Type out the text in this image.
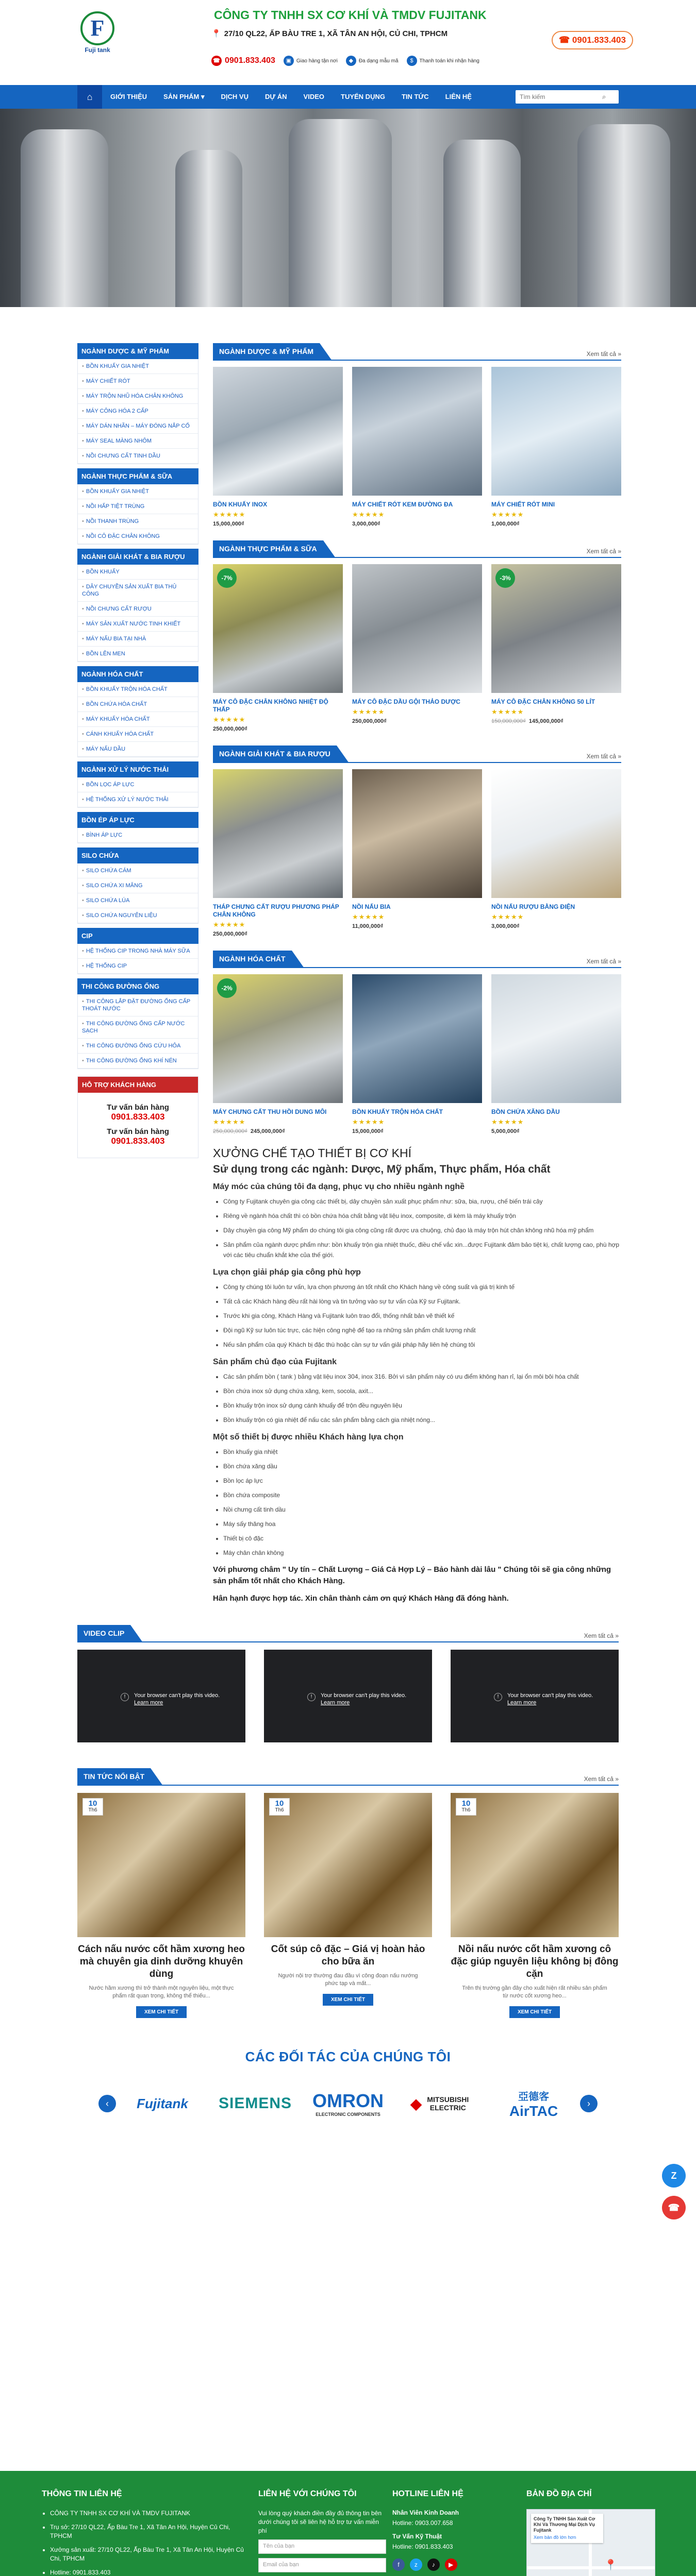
F
Fuji tank
CÔNG TY TNHH SX CƠ KHÍ VÀ TMDV FUJITANK
📍 27/10 QL22, ẤP BÀU TRE 1, XÃ TÂN AN HỘI, CỦ CHI, TPHCM
☎ 0901.833.403	▣ Giao hàng tận nơi	◆	Đa dạng mẫu mã	$	Thanh toán khi nhận hàng
☎ 0901.833.403
⌂	GIỚI THIỆU	SẢN PHẨM ▾	DỊCH VỤ	DỰ ÁN	VIDEO	TUYỂN DỤNG	TIN TỨC	LIÊN HỆ
Tìm kiếm	⌕
NGÀNH DƯỢC & MỸ PHẨM
• BỒN KHUẤY GIA NHIỆT
• MÁY CHIẾT RÓT
• MÁY TRỘN NHŨ HÓA CHÂN KHÔNG
• MÁY CÔNG HÓA 2 CẤP
• MÁY DÁN NHÃN – MÁY ĐÓNG NẮP CỔ
• MÁY SEAL MÀNG NHÔM
• NỒI CHƯNG CẤT TINH DẦU
NGÀNH THỰC PHẨM & SỮA
• BỒN KHUẤY GIA NHIỆT
• NỒI HẤP TIỆT TRÙNG
• NỒI THANH TRÙNG
• NỒI CÔ ĐẶC CHÂN KHÔNG
NGÀNH GIẢI KHÁT & BIA RƯỢU
• BỒN KHUẤY
• DÂY CHUYỀN SẢN XUẤT BIA THỦ CÔNG
• NỒI CHƯNG CẤT RƯỢU
• MÁY SẢN XUẤT NƯỚC TINH KHIẾT
• MÁY NẤU BIA TẠI NHÀ
• BỒN LÊN MEN
NGÀNH HÓA CHẤT
• BỒN KHUẤY TRỘN HÓA CHẤT
• BỒN CHỨA HÓA CHẤT
• MÁY KHUẤY HÓA CHẤT
• CÁNH KHUẤY HÓA CHẤT
• MÁY NẤU DẦU
NGÀNH XỬ LÝ NƯỚC THẢI
• BỒN LỌC ÁP LỰC
• HỆ THỐNG XỬ LÝ NƯỚC THẢI
BỒN ÉP ÁP LỰC
• BÌNH ÁP LỰC
SILO CHỨA
• SILO CHỨA CÁM
• SILO CHỨA XI MĂNG
• SILO CHỨA LÚA
• SILO CHỨA NGUYÊN LIỆU
CIP
• HỆ THỐNG CIP TRONG NHÀ MÁY SỮA
• HỆ THỐNG CIP
THI CÔNG ĐƯỜNG ỐNG
• THI CÔNG LẮP ĐẶT ĐƯỜNG ỐNG CẤP THOÁT NƯỚC
• THI CÔNG ĐƯỜNG ỐNG CẤP NƯỚC SẠCH
• THI CÔNG ĐƯỜNG ỐNG CỨU HỎA
• THI CÔNG ĐƯỜNG ỐNG KHÍ NÉN
HỖ TRỢ KHÁCH HÀNG
Tư vấn bán hàng
0901.833.403
Tư vấn bán hàng
0901.833.403
NGÀNH DƯỢC & MỸ PHẨM	Xem tất cả »
BỒN KHUẤY INOX
★★★★★
15,000,000₫
MÁY CHIẾT RÓT KEM ĐƯỜNG ĐA
★★★★★
3,000,000₫
MÁY CHIẾT RÓT MINI
★★★★★
1,000,000₫
NGÀNH THỰC PHẨM & SỮA	Xem tất cả »
-7%
MÁY CÔ ĐẶC CHÂN KHÔNG NHIỆT ĐỘ THẤP
★★★★★
250,000,000₫
MÁY CÔ ĐẶC DẦU GỘI THẢO DƯỢC
★★★★★
250,000,000₫
-3%
MÁY CÔ ĐẶC CHÂN KHÔNG 50 LÍT
★★★★★
150,000,000₫ 145,000,000₫
NGÀNH GIẢI KHÁT & BIA RƯỢU	Xem tất cả »
THÁP CHƯNG CẤT RƯỢU PHƯƠNG PHÁP CHÂN KHÔNG
★★★★★
250,000,000₫
NỒI NẤU BIA
★★★★★
11,000,000₫
NỒI NẤU RƯỢU BẰNG ĐIỆN
★★★★★
3,000,000₫
NGÀNH HÓA CHẤT	Xem tất cả »
-2%
MÁY CHƯNG CẤT THU HỒI DUNG MÔI
★★★★★
250,000,000₫ 245,000,000₫
BỒN KHUẤY TRỘN HÓA CHẤT
★★★★★
15,000,000₫
BỒN CHỨA XĂNG DẦU
★★★★★
5,000,000₫
XƯỞNG CHẾ TẠO THIẾT BỊ CƠ KHÍ
Sử dụng trong các ngành: Dược, Mỹ phẩm, Thực phẩm, Hóa chất
Máy móc của chúng tôi đa dạng, phục vụ cho nhiều ngành nghề
• Công ty Fujitank chuyên gia công các thiết bị, dây chuyền sản xuất phục phẩm như: sữa, bia, rượu, chế biến trái cây
• Riêng về ngành hóa chất thì có bồn chứa hóa chất bằng vật liệu inox, composite, di kèm là máy khuấy trộn
• Dây chuyền gia công Mỹ phẩm do chúng tôi gia công cũng rất được ưa chuộng, chủ đạo là máy trộn hút chân không nhũ hóa mỹ phẩm
• Sản phẩm của ngành dược phẩm như: bồn khuấy trộn gia nhiệt thuốc, điều chế vắc xin...được Fujitank đảm bảo tiệt kị, chất lượng cao, phù hợp với các tiêu chuẩn khắt khe của thế giới.
Lựa chọn giải pháp gia công phù hợp
• Công ty chúng tôi luôn tư vấn, lựa chọn phương án tốt nhất cho Khách hàng về công suất và giá trị kinh tế
• Tất cả các Khách hàng đều rất hài lòng và tin tưởng vào sự tư vấn của Kỹ sư Fujitank.
• Trước khi gia công, Khách Hàng và Fujitank luôn trao đổi, thống nhất bản vẽ thiết kế
• Đội ngũ Kỹ sư luôn túc trực, các hiện công nghệ để tạo ra những sản phẩm chất lượng nhất
• Nếu sản phẩm của quý Khách bị đặc thù hoặc cần sự tư vấn giải pháp hãy liên hệ chúng tôi
Sản phẩm chủ đạo của Fujitank
• Các sản phẩm bồn ( tank ) bằng vật liệu inox 304, inox 316. Bởi vì sản phẩm này có ưu điểm không han rỉ, lại ổn môi bôi hóa chất
• Bồn chứa inox sử dụng chứa xăng, kem, socola, axit...
• Bồn khuấy trộn inox sử dụng cánh khuấy để trộn đều nguyên liệu
• Bồn khuấy trộn có gia nhiệt để nấu các sản phẩm bằng cách gia nhiệt nóng...
Một số thiết bị được nhiều Khách hàng lựa chọn
• Bồn khuấy gia nhiệt
• Bồn chứa xăng dầu
• Bồn lọc áp lực
• Bồn chứa composite
• Nồi chưng cất tinh dầu
• Máy sấy thăng hoa
• Thiết bị cô đặc
• Máy chân chân không
Với phương châm " Uy tín – Chất Lượng – Giá Cả Hợp Lý – Bảo hành dài lâu " Chúng tôi sẽ gia công những sản phẩm tốt nhất cho Khách Hàng.
Hân hạnh được hợp tác. Xin chân thành cảm ơn quý Khách Hàng đã đóng hành.
VIDEO CLIP	Xem tất cả »
!	Your browser can't play this video.
Learn more
!	Your browser can't play this video.
Learn more
!	Your browser can't play this video.
Learn more
TIN TỨC NỔI BẬT	Xem tất cả »
10
Th6
Cách nấu nước cốt hầm xương heo mà chuyên gia dinh dưỡng khuyên dùng
Nước hầm xương thì trở thành một nguyên liệu, một thực phẩm rất quan trọng, không thể thiếu...
XEM CHI TIẾT
10
Th6
Cốt súp cô đặc – Giá vị hoàn hảo cho bữa ăn
Người nội trợ thường đau đầu vì công đoạn nấu nướng phức tạp và mất...
XEM CHI TIẾT
10
Th6
Nồi nấu nước cốt hầm xương cô đặc giúp nguyên liệu không bị đông cặn
Trên thị trường gần đây cho xuất hiện rất nhiều sản phẩm từ nước cốt xương heo...
XEM CHI TIẾT
CÁC ĐỐI TÁC CỦA CHÚNG TÔI
‹	Fujitank SIEMENS OMRON
ELECTRONIC COMPONENTS
◆ MITSUBISHI ELECTRIC
亞德客
AirTAC	›
THÔNG TIN LIÊN HỆ
• CÔNG TY TNHH SX CƠ KHÍ VÀ TMDV FUJITANK
• Trụ sở: 27/10 QL22, Ấp Bàu Tre 1, Xã Tân An Hội, Huyện Củ Chi, TPHCM
• Xưởng sản xuất: 27/10 QL22, Ấp Bàu Tre 1, Xã Tân An Hội, Huyện Củ Chi, TPHCM
• Hotline: 0901.833.403
LIÊN HỆ VỚI CHÚNG TÔI
Vui lòng quý khách điền đầy đủ thông tin bên dưới chúng tôi sẽ liên hệ hỗ trợ tư vấn miễn phí
Tên của bạn
Email của bạn
HOTLINE LIÊN HỆ
Nhân Viên Kinh Doanh
Hotline: 0903.007.658
Tư Vấn Kỹ Thuật
Hotline: 0901.833.403
f z ♪ ▶
BẢN ĐỒ ĐỊA CHỈ
📍
Công Ty TNHH Sản Xuất Cơ Khí Và Thương Mại Dịch Vụ Fujitank
Xem bản đồ lớn hơn
Z
☎
